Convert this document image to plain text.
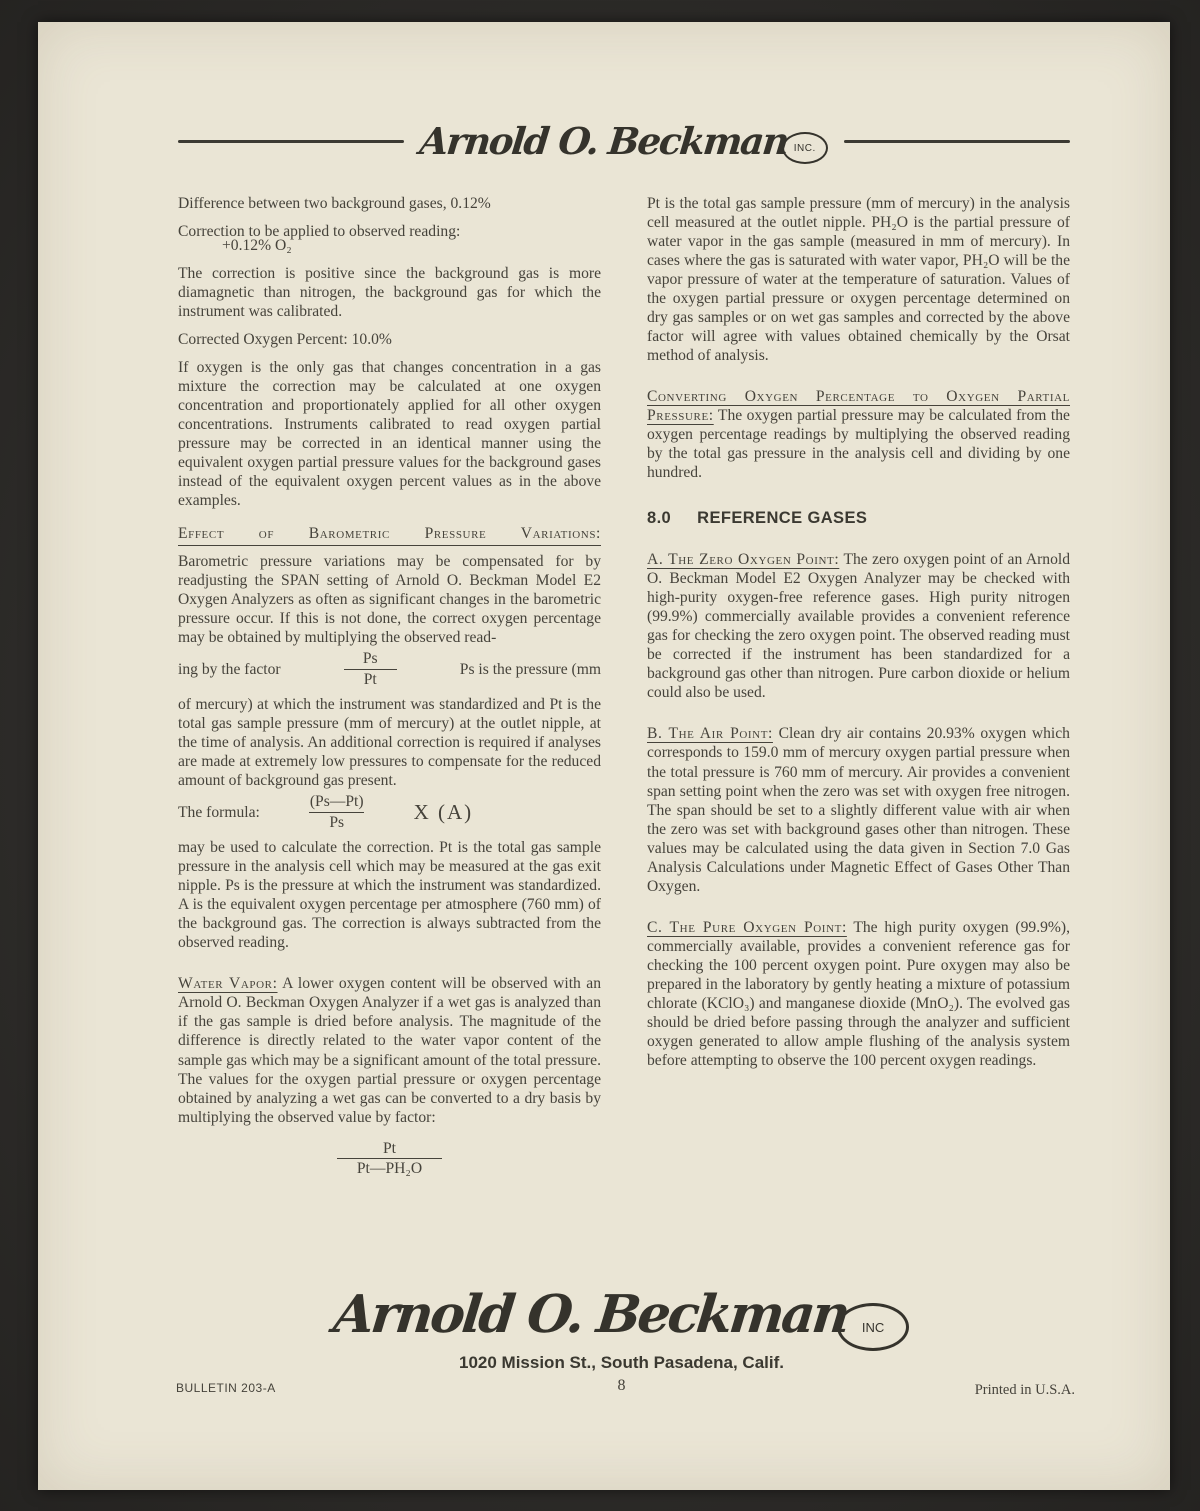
Arnold O. Beckman INC.

Difference between two background gases, 0.12%

Correction to be applied to observed reading:

+0.12% O₂

The correction is positive since the background gas is more diamagnetic than nitrogen, the background gas for which the instrument was calibrated.

Corrected Oxygen Percent: 10.0%

If oxygen is the only gas that changes concentration in a gas mixture the correction may be calculated at one oxygen concentration and proportionately applied for all other oxygen concentrations. Instruments calibrated to read oxygen partial pressure may be corrected in an identical manner using the equivalent oxygen partial pressure values for the background gases instead of the equivalent oxygen percent values as in the above examples.

Effect of Barometric Pressure Variations:

Barometric pressure variations may be compensated for by readjusting the SPAN setting of Arnold O. Beckman Model E2 Oxygen Analyzers as often as significant changes in the barometric pressure occur. If this is not done, the correct oxygen percentage may be obtained by multiplying the observed read-

ing by the factor	$\frac{Ps}{Pt}$	Ps is the pressure (mm

of mercury) at which the instrument was standardized and Pt is the total gas sample pressure (mm of mercury) at the outlet nipple, at the time of analysis. An additional correction is required if analyses are made at extremely low pressures to compensate for the reduced amount of background gas present.

The formula: $\frac{(Ps—Pt)}{Ps}$ X (A)

may be used to calculate the correction. Pt is the total gas sample pressure in the analysis cell which may be measured at the gas exit nipple. Ps is the pressure at which the instrument was standardized. A is the equivalent oxygen percentage per atmosphere (760 mm) of the background gas. The correction is always subtracted from the observed reading.

Water Vapor: A lower oxygen content will be observed with an Arnold O. Beckman Oxygen Analyzer if a wet gas is analyzed than if the gas sample is dried before analysis. The magnitude of the difference is directly related to the water vapor content of the sample gas which may be a significant amount of the total pressure. The values for the oxygen partial pressure or oxygen percentage obtained by analyzing a wet gas can be converted to a dry basis by multiplying the observed value by factor:

$\frac{Pt}{\text{Pt—PH₂O}}$

Pt is the total gas sample pressure (mm of mercury) in the analysis cell measured at the outlet nipple. PH₂O is the partial pressure of water vapor in the gas sample (measured in mm of mercury). In cases where the gas is saturated with water vapor, PH₂O will be the vapor pressure of water at the temperature of saturation. Values of the oxygen partial pressure or oxygen percentage determined on dry gas samples or on wet gas samples and corrected by the above factor will agree with values obtained chemically by the Orsat method of analysis.

Converting Oxygen Percentage to Oxygen Partial Pressure: The oxygen partial pressure may be calculated from the oxygen percentage readings by multiplying the observed reading by the total gas pressure in the analysis cell and dividing by one hundred.

8.0 REFERENCE GASES

A. The Zero Oxygen Point: The zero oxygen point of an Arnold O. Beckman Model E2 Oxygen Analyzer may be checked with high-purity oxygen-free reference gases. High purity nitrogen (99.9%) commercially available provides a convenient reference gas for checking the zero oxygen point. The observed reading must be corrected if the instrument has been standardized for a background gas other than nitrogen. Pure carbon dioxide or helium could also be used.

B. The Air Point: Clean dry air contains 20.93% oxygen which corresponds to 159.0 mm of mercury oxygen partial pressure when the total pressure is 760 mm of mercury. Air provides a convenient span setting point when the zero was set with oxygen free nitrogen. The span should be set to a slightly different value with air when the zero was set with background gases other than nitrogen. These values may be calculated using the data given in Section 7.0 Gas Analysis Calculations under Magnetic Effect of Gases Other Than Oxygen.

C. The Pure Oxygen Point: The high purity oxygen (99.9%), commercially available, provides a convenient reference gas for checking the 100 percent oxygen point. Pure oxygen may also be prepared in the laboratory by gently heating a mixture of potassium chlorate (KClO₃) and manganese dioxide (MnO₂). The evolved gas should be dried before passing through the analyzer and sufficient oxygen generated to allow ample flushing of the analysis system before attempting to observe the 100 percent oxygen readings.

Arnold O. Beckman INC
1020 Mission St., South Pasadena, Calif.
8
BULLETIN 203-A	Printed in U.S.A.
